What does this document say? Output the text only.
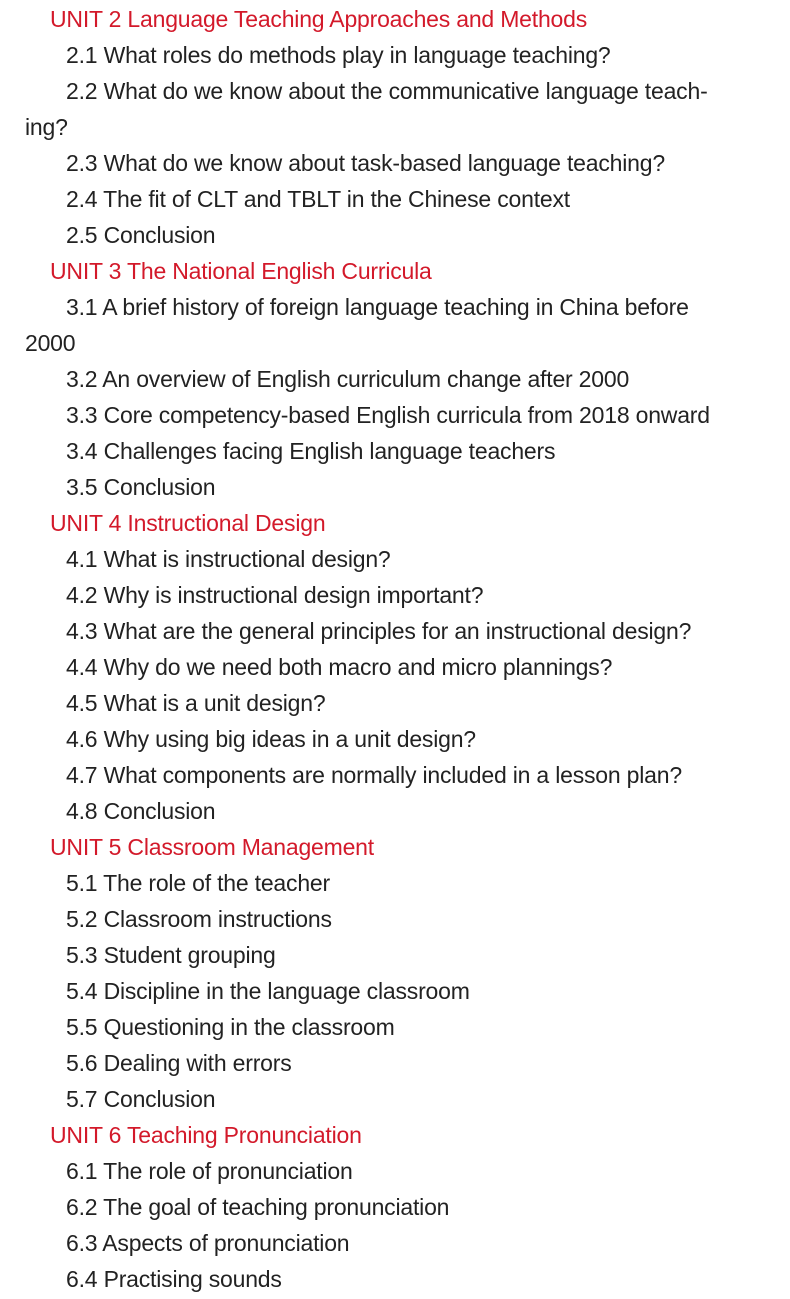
UNIT 2 Language Teaching Approaches and Methods
2.1 What roles do methods play in language teaching?
2.2 What do we know about the communicative language teach-
ing?
2.3 What do we know about task-based language teaching?
2.4 The fit of CLT and TBLT in the Chinese context
2.5 Conclusion
UNIT 3 The National English Curricula
3.1 A brief history of foreign language teaching in China before
2000
3.2 An overview of English curriculum change after 2000
3.3 Core competency-based English curricula from 2018 onward
3.4 Challenges facing English language teachers
3.5 Conclusion
UNIT 4 Instructional Design
4.1 What is instructional design?
4.2 Why is instructional design important?
4.3 What are the general principles for an instructional design?
4.4 Why do we need both macro and micro plannings?
4.5 What is a unit design?
4.6 Why using big ideas in a unit design?
4.7 What components are normally included in a lesson plan?
4.8 Conclusion
UNIT 5 Classroom Management
5.1 The role of the teacher
5.2 Classroom instructions
5.3 Student grouping
5.4 Discipline in the language classroom
5.5 Questioning in the classroom
5.6 Dealing with errors
5.7 Conclusion
UNIT 6 Teaching Pronunciation
6.1 The role of pronunciation
6.2 The goal of teaching pronunciation
6.3 Aspects of pronunciation
6.4 Practising sounds
